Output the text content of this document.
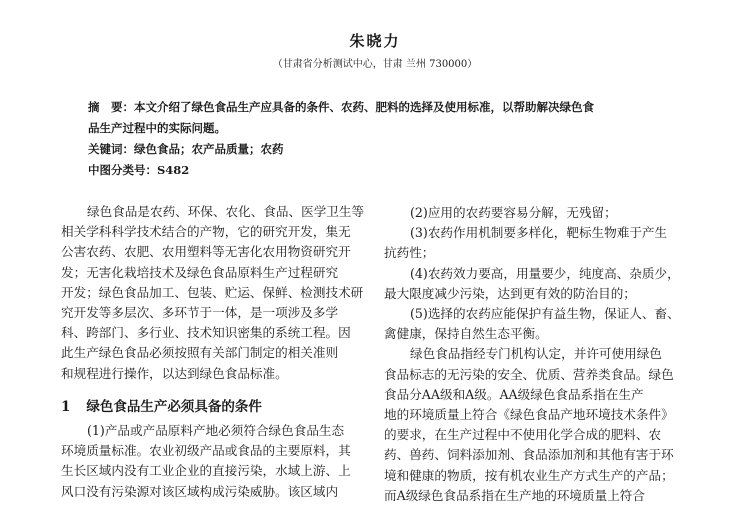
朱晓力
（甘肃省分析测试中心，甘肃 兰州 730000）
摘　要：本文介绍了绿色食品生产应具备的条件、农药、肥料的选择及使用标准，以帮助解决绿色食
品生产过程中的实际问题。
关键词：绿色食品；农产品质量；农药
中图分类号：S482
绿色食品是农药、环保、农化、食品、医学卫生等
相关学科科学技术结合的产物，它的研究开发，集无
公害农药、农肥、农用塑料等无害化农用物资研究开
发；无害化栽培技术及绿色食品原料生产过程研究
开发；绿色食品加工、包装、贮运、保鲜、检测技术研
究开发等多层次、多环节于一体，是一项涉及多学
科、跨部门、多行业、技术知识密集的系统工程。因
此生产绿色食品必须按照有关部门制定的相关准则
和规程进行操作，以达到绿色食品标准。
1 绿色食品生产必须具备的条件
(1)产品或产品原料产地必须符合绿色食品生态
环境质量标准。农业初级产品或食品的主要原料，其
生长区域内没有工业企业的直接污染，水域上游、上
风口没有污染源对该区域构成污染威胁。该区域内
(2)应用的农药要容易分解，无残留；
(3)农药作用机制要多样化，靶标生物难于产生
抗药性；
(4)农药效力要高，用量要少，纯度高、杂质少，
最大限度减少污染，达到更有效的防治目的；
(5)选择的农药应能保护有益生物，保证人、畜、
禽健康，保持自然生态平衡。
绿色食品指经专门机构认定，并许可使用绿色
食品标志的无污染的安全、优质、营养类食品。绿色
食品分AA级和A级。AA级绿色食品系指在生产
地的环境质量上符合《绿色食品产地环境技术条件》
的要求，在生产过程中不使用化学合成的肥料、农
药、兽药、饲料添加剂、食品添加剂和其他有害于环
境和健康的物质，按有机农业生产方式生产的产品；
而A级绿色食品系指在生产地的环境质量上符合
